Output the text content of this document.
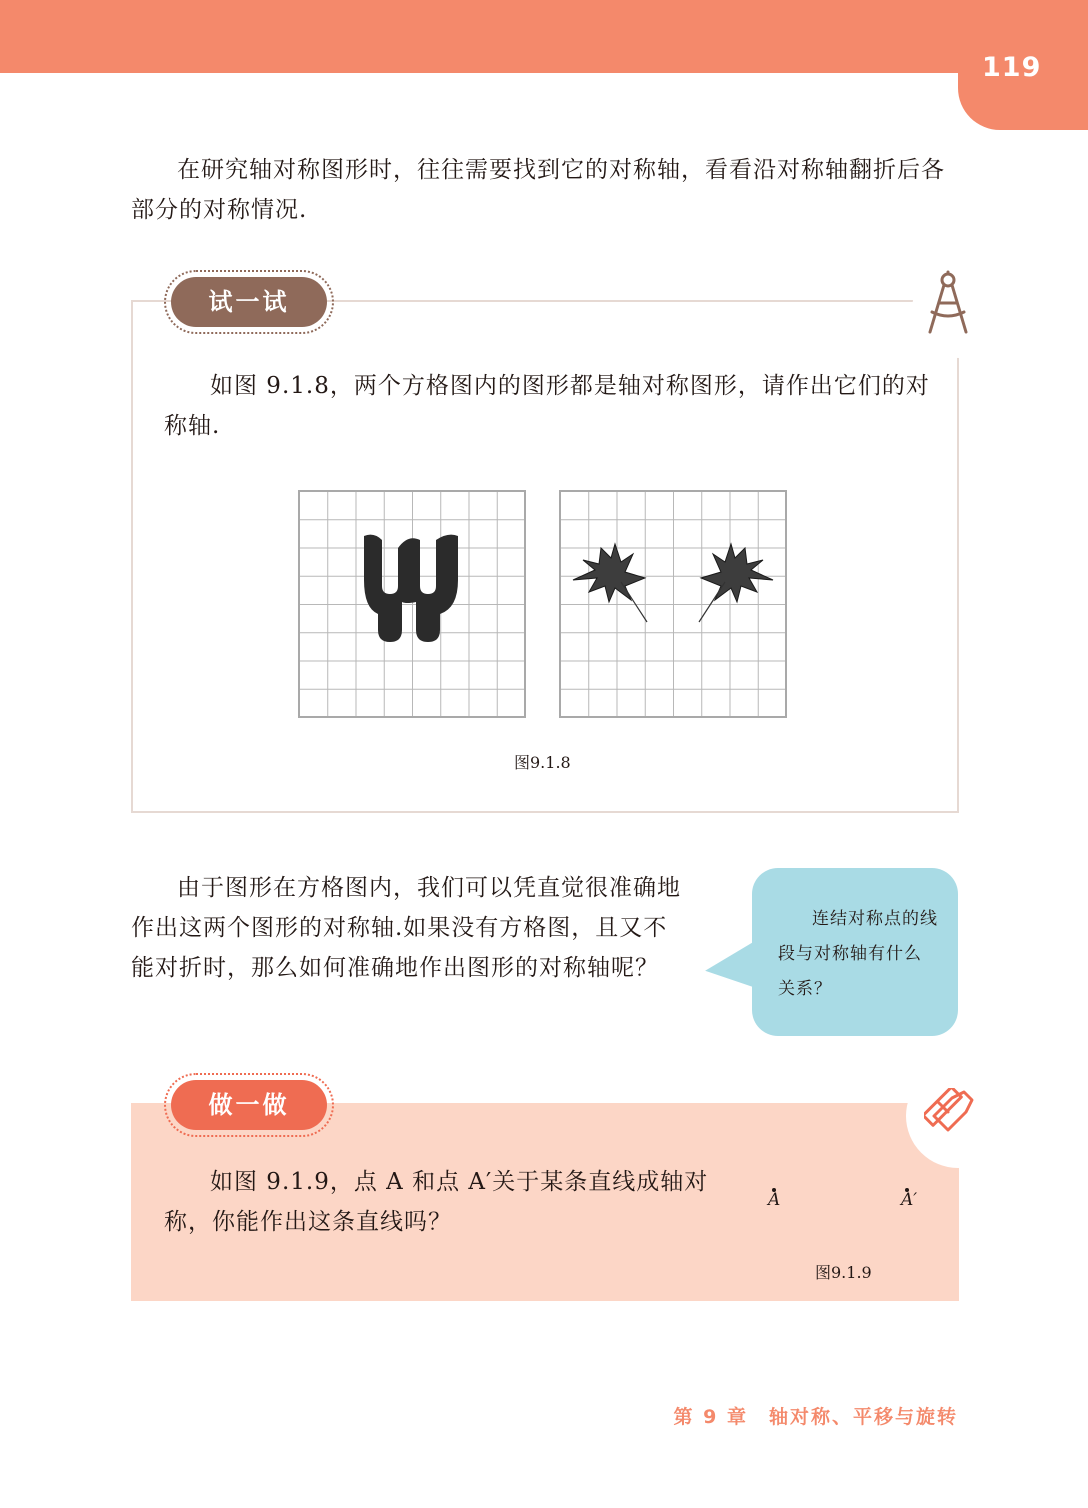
119
在研究轴对称图形时，往往需要找到它的对称轴，看看沿对称轴翻折后各部分的对称情况.
试一试
如图 9.1.8，两个方格图内的图形都是轴对称图形，请作出它们的对称轴.
图9.1.8
由于图形在方格图内，我们可以凭直觉很准确地作出这两个图形的对称轴.如果没有方格图，且又不能对折时，那么如何准确地作出图形的对称轴呢？
连结对称点的线段与对称轴有什么关系？
做一做
如图 9.1.9，点 A 和点 A′关于某条直线成轴对称，你能作出这条直线吗？
A	A′
图9.1.9
第 9 章　轴对称、平移与旋转
